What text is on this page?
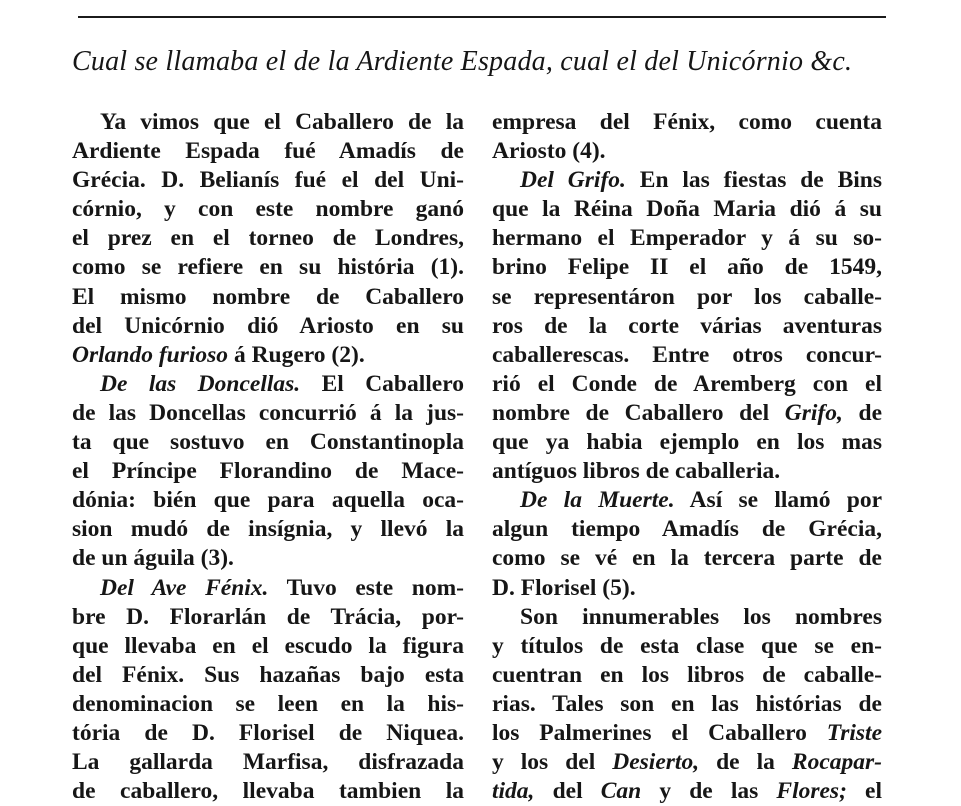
Cual se llamaba el de la Ardiente Espada, cual el del Unicórnio &c.
Ya vimos que el Caballero de la
Ardiente Espada fué Amadís de
Grécia. D. Belianís fué el del Uni-
córnio, y con este nombre ganó
el prez en el torneo de Londres,
como se refiere en su história (1).
El mismo nombre de Caballero
del Unicórnio dió Ariosto en su
Orlando furioso á Rugero (2).
De las Doncellas. El Caballero
de las Doncellas concurrió á la jus-
ta que sostuvo en Constantinopla
el Príncipe Florandino de Mace-
dónia: bién que para aquella oca-
sion mudó de insígnia, y llevó la
de un águila (3).
Del Ave Fénix. Tuvo este nom-
bre D. Florarlán de Trácia, por-
que llevaba en el escudo la figura
del Fénix. Sus hazañas bajo esta
denominacion se leen en la his-
tória de D. Florisel de Niquea.
La gallarda Marfisa, disfrazada
de caballero, llevaba tambien la
empresa del Fénix, como cuenta
Ariosto (4).
Del Grifo. En las fiestas de Bins
que la Réina Doña Maria dió á su
hermano el Emperador y á su so-
brino Felipe II el año de 1549,
se representáron por los caballe-
ros de la corte várias aventuras
caballerescas. Entre otros concur-
rió el Conde de Aremberg con el
nombre de Caballero del Grifo, de
que ya habia ejemplo en los mas
antíguos libros de caballeria.
De la Muerte. Así se llamó por
algun tiempo Amadís de Grécia,
como se vé en la tercera parte de
D. Florisel (5).
Son innumerables los nombres
y títulos de esta clase que se en-
cuentran en los libros de caballe-
rias. Tales son en las histórias de
los Palmerines el Caballero Triste
y los del Desierto, de la Rocapar-
tida, del Can y de las Flores; el
